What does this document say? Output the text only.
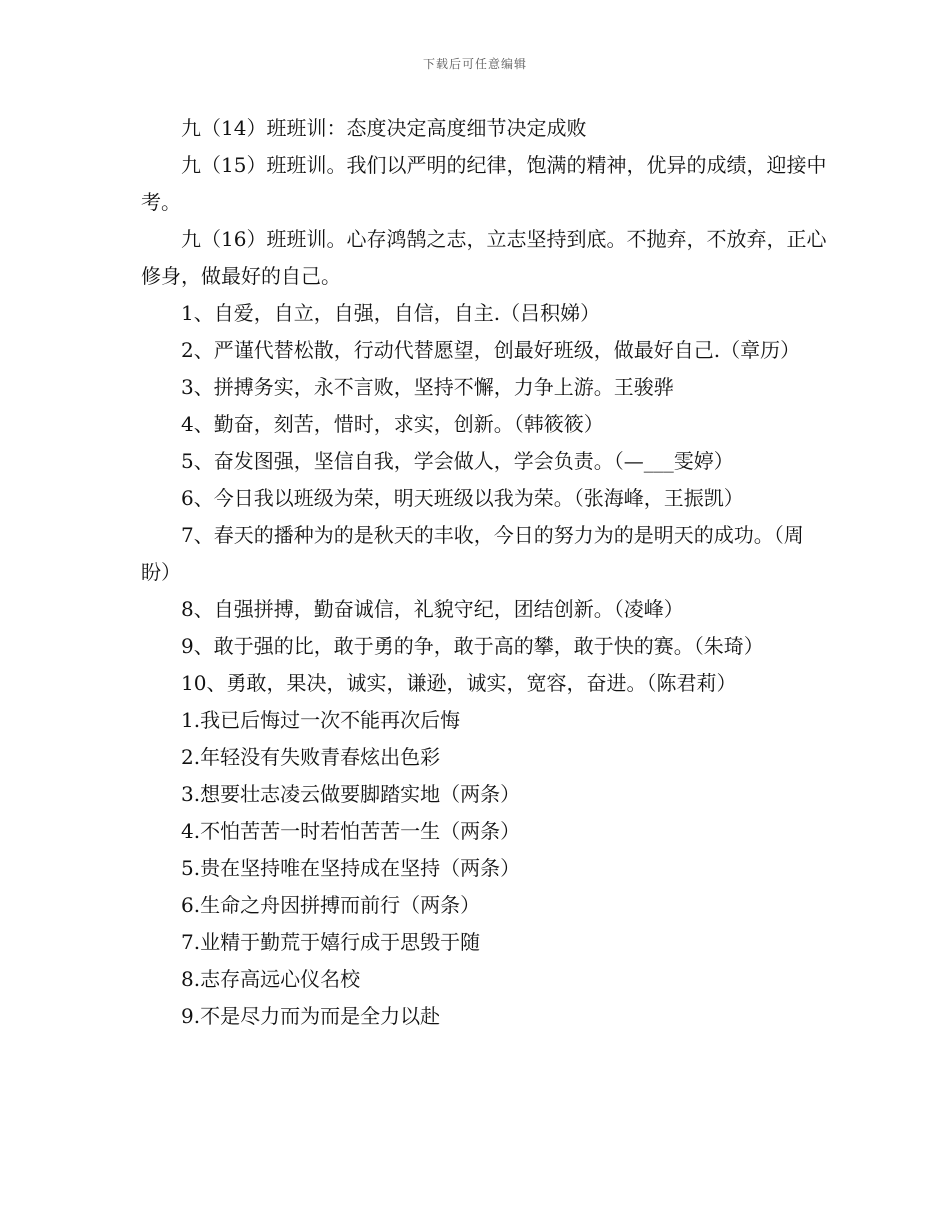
下载后可任意编辑

九（14）班班训：态度决定高度细节决定成败

九（15）班班训。我们以严明的纪律，饱满的精神，优异的成绩，迎接中考。

九（16）班班训。心存鸿鹄之志，立志坚持到底。不抛弃，不放弃，正心修身，做最好的自己。

1、自爱，自立，自强，自信，自主.（吕积娣）

2、严谨代替松散，行动代替愿望，创最好班级，做最好自己.（章历）

3、拼搏务实，永不言败，坚持不懈，力争上游。王骏骅

4、勤奋，刻苦，惜时，求实，创新。（韩筱筱）

5、奋发图强，坚信自我，学会做人，学会负责。（—___雯婷）

6、今日我以班级为荣，明天班级以我为荣。（张海峰，王振凯）

7、春天的播种为的是秋天的丰收，今日的努力为的是明天的成功。（周盼）

8、自强拼搏，勤奋诚信，礼貌守纪，团结创新。（凌峰）

9、敢于强的比，敢于勇的争，敢于高的攀，敢于快的赛。（朱琦）

10、勇敢，果决，诚实，谦逊，诚实，宽容，奋进。（陈君莉）

1.我已后悔过一次不能再次后悔

2.年轻没有失败青春炫出色彩

3.想要壮志凌云做要脚踏实地（两条）

4.不怕苦苦一时若怕苦苦一生（两条）

5.贵在坚持唯在坚持成在坚持（两条）

6.生命之舟因拼搏而前行（两条）

7.业精于勤荒于嬉行成于思毁于随

8.志存高远心仪名校

9.不是尽力而为而是全力以赴
